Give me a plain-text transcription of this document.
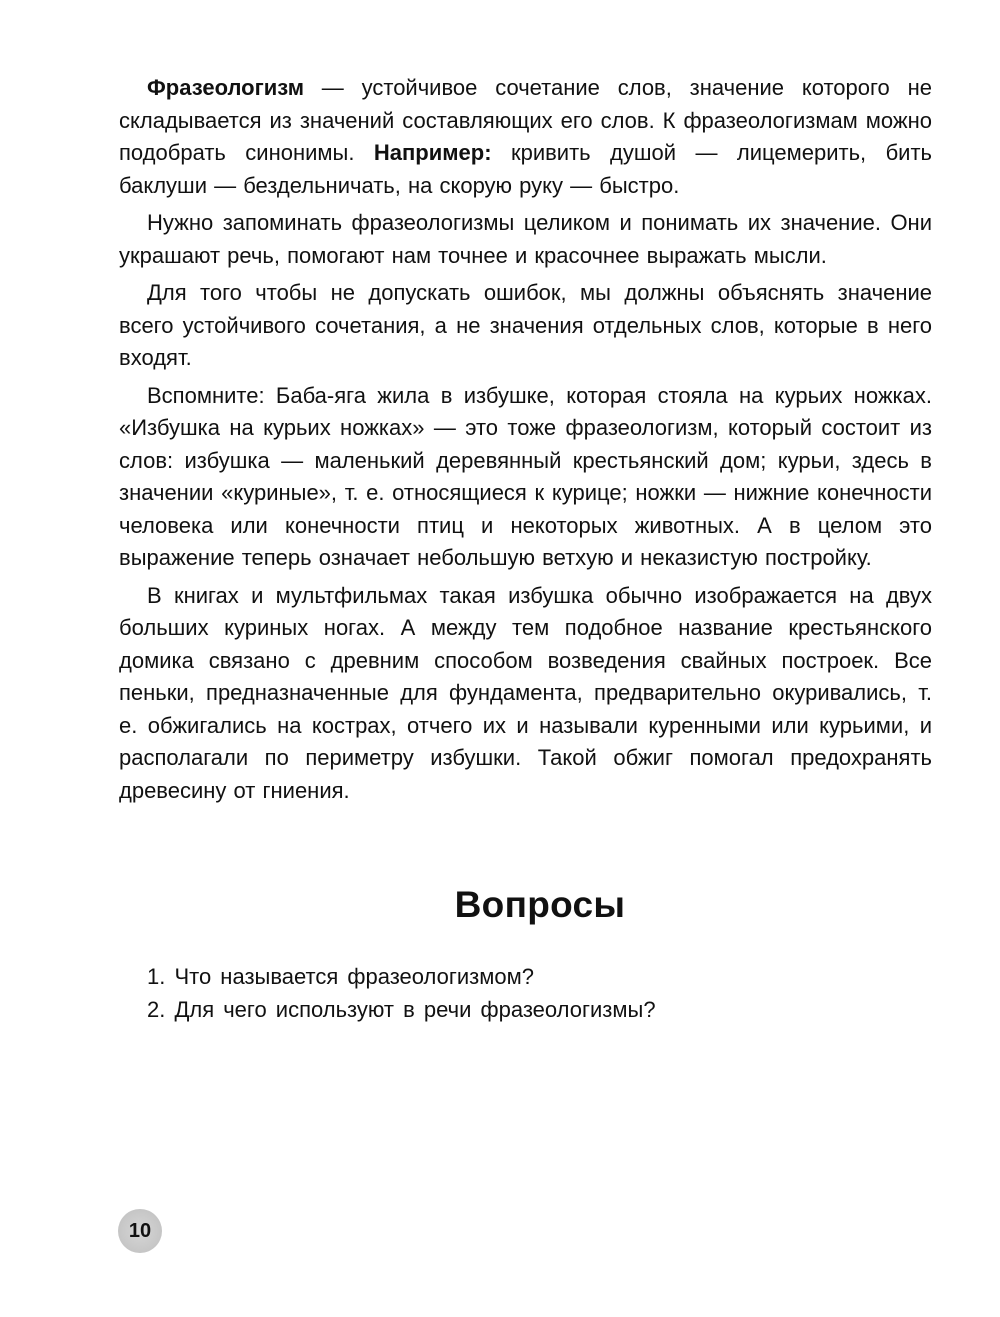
Фразеологизм — устойчивое сочетание слов, значение которого не складывается из значений составляющих его слов. К фразеологизмам можно подобрать синонимы. Например: кривить душой — лицемерить, бить баклуши — бездельничать, на скорую руку — быстро.

Нужно запоминать фразеологизмы целиком и понимать их значение. Они украшают речь, помогают нам точнее и красочнее выражать мысли.

Для того чтобы не допускать ошибок, мы должны объяснять значение всего устойчивого сочетания, а не значения отдельных слов, которые в него входят.

Вспомните: Баба-яга жила в избушке, которая стояла на курьих ножках. «Избушка на курьих ножках» — это тоже фразеологизм, который состоит из слов: избушка — маленький деревянный крестьянский дом; курьи, здесь в значении «куриные», т. е. относящиеся к курице; ножки — нижние конечности человека или конечности птиц и некоторых животных. А в целом это выражение теперь означает небольшую ветхую и неказистую постройку.

В книгах и мультфильмах такая избушка обычно изображается на двух больших куриных ногах. А между тем подобное название крестьянского домика связано с древним способом возведения свайных построек. Все пеньки, предназначенные для фундамента, предварительно окуривались, т. е. обжигались на кострах, отчего их и называли куренными или курьими, и располагали по периметру избушки. Такой обжиг помогал предохранять древесину от гниения.

Вопросы
1. Что называется фразеологизмом?
2. Для чего используют в речи фразеологизмы?
10
